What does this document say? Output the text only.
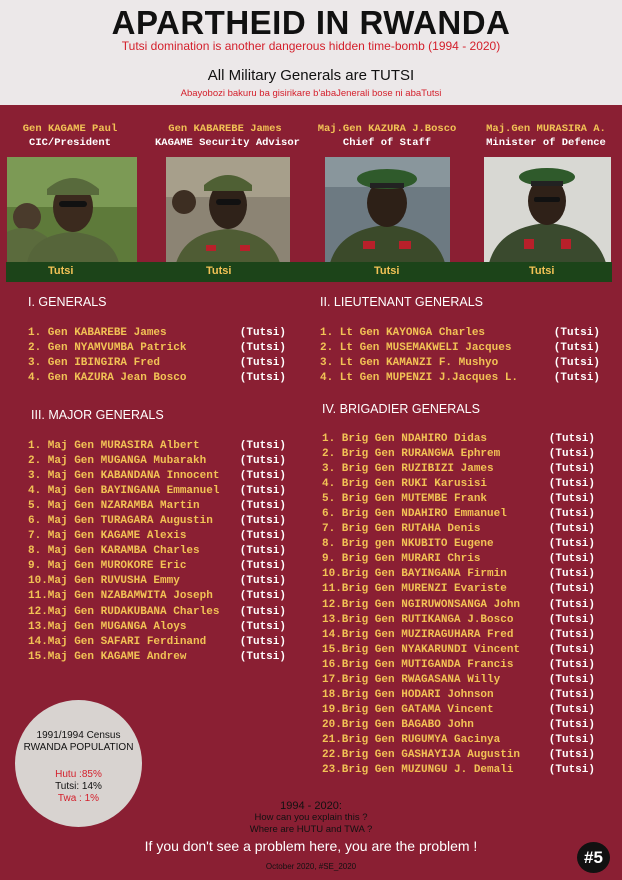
APARTHEID IN RWANDA
Tutsi domination is another dangerous hidden time-bomb (1994 - 2020)
All Military Generals are TUTSI
Abayobozi bakuru ba gisirikare b'abaJenerali bose ni abaTutsi
Gen KAGAME Paul
CIC/President
Gen KABAREBE James
KAGAME Security Advisor
Maj.Gen KAZURA J.Bosco
Chief of Staff
Maj.Gen MURASIRA A.
Minister of Defence
Tutsi	Tutsi	Tutsi	Tutsi
I. GENERALS	II. LIEUTENANT GENERALS
III. MAJOR GENERALS	IV. BRIGADIER GENERALS
1. Gen KABAREBE James	(Tutsi)
2. Gen NYAMVUMBA Patrick	(Tutsi)
3. Gen IBINGIRA Fred	(Tutsi)
4. Gen KAZURA Jean Bosco	(Tutsi)
1. Lt Gen KAYONGA Charles	(Tutsi)
2. Lt Gen MUSEMAKWELI Jacques	(Tutsi)
3. Lt Gen KAMANZI F. Mushyo	(Tutsi)
4. Lt Gen MUPENZI J.Jacques L.	(Tutsi)
1. Maj Gen MURASIRA Albert	(Tutsi)
2. Maj Gen MUGANGA Mubarakh	(Tutsi)
3. Maj Gen KABANDANA Innocent (Tutsi)
4. Maj Gen BAYINGANA Emmanuel (Tutsi)
5. Maj Gen NZARAMBA Martin	(Tutsi)
6. Maj Gen TURAGARA Augustin (Tutsi)
7. Maj Gen KAGAME Alexis	(Tutsi)
8. Maj Gen KARAMBA Charles	(Tutsi)
9. Maj Gen MUROKORE Eric	(Tutsi)
10.Maj Gen RUVUSHA Emmy	(Tutsi)
11.Maj Gen NZABAMWITA Joseph (Tutsi)
12.Maj Gen RUDAKUBANA Charles (Tutsi)
13.Maj Gen MUGANGA Aloys	(Tutsi)
14.Maj Gen SAFARI Ferdinand	(Tutsi)
15.Maj Gen KAGAME Andrew	(Tutsi)
1. Brig Gen NDAHIRO Didas	(Tutsi)
2. Brig Gen RURANGWA Ephrem	(Tutsi)
3. Brig Gen RUZIBIZI James	(Tutsi)
4. Brig Gen RUKI Karusisi	(Tutsi)
5. Brig Gen MUTEMBE Frank	(Tutsi)
6. Brig Gen NDAHIRO Emmanuel	(Tutsi)
7. Brig Gen RUTAHA Denis	(Tutsi)
8. Brig gen NKUBITO Eugene	(Tutsi)
9. Brig Gen MURARI Chris	(Tutsi)
10.Brig Gen BAYINGANA Firmin	(Tutsi)
11.Brig Gen MURENZI Evariste	(Tutsi)
12.Brig Gen NGIRUWONSANGA John	(Tutsi)
13.Brig Gen RUTIKANGA J.Bosco	(Tutsi)
14.Brig Gen MUZIRAGUHARA Fred	(Tutsi)
15.Brig Gen NYAKARUNDI Vincent	(Tutsi)
16.Brig Gen MUTIGANDA Francis	(Tutsi)
17.Brig Gen RWAGASANA Willy	(Tutsi)
18.Brig Gen HODARI Johnson	(Tutsi)
19.Brig Gen GATAMA Vincent	(Tutsi)
20.Brig Gen BAGABO John	(Tutsi)
21.Brig Gen RUGUMYA Gacinya	(Tutsi)
22.Brig Gen GASHAYIJA Augustin	(Tutsi)
23.Brig Gen MUZUNGU J. Demali	(Tutsi)
1991/1994 Census
RWANDA POPULATION
Hutu :85%
Tutsi: 14%
Twa : 1%
1994 - 2020:
How can you explain this ?
Where are HUTU and TWA ?
If you don't see a problem here, you are the problem !
October 2020, #SE_2020	#5
